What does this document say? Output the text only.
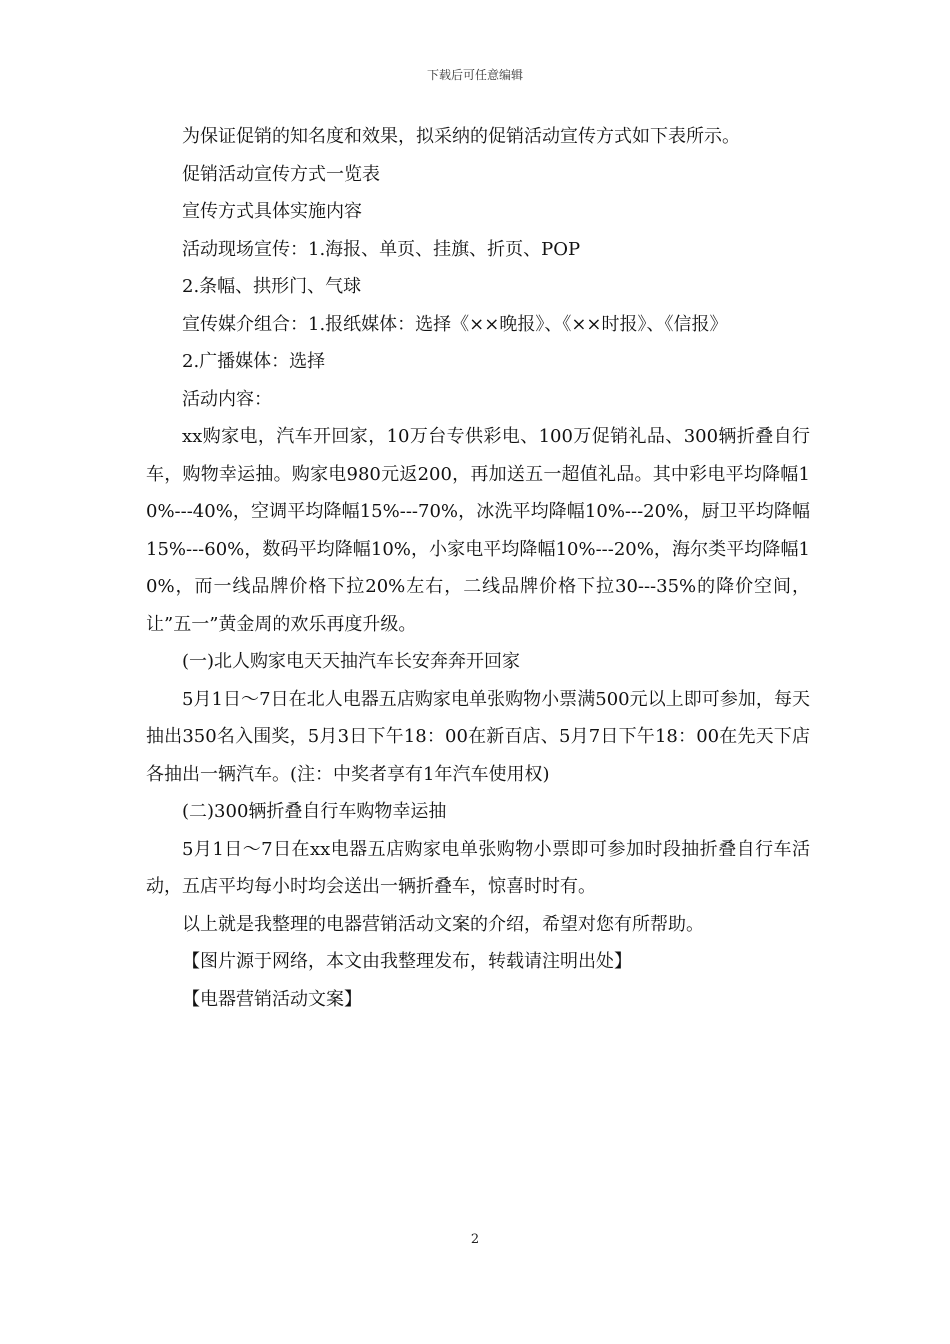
下载后可任意编辑

为保证促销的知名度和效果，拟采纳的促销活动宣传方式如下表所示。

促销活动宣传方式一览表

宣传方式具体实施内容

活动现场宣传：1.海报、单页、挂旗、折页、POP

2.条幅、拱形门、气球

宣传媒介组合：1.报纸媒体：选择《××晚报》、《××时报》、《信报》

2.广播媒体：选择

活动内容：

xx购家电，汽车开回家，10万台专供彩电、100万促销礼品、300辆折叠自行车，购物幸运抽。购家电980元返200，再加送五一超值礼品。其中彩电平均降幅10%---40%，空调平均降幅15%---70%，冰洗平均降幅10%---20%，厨卫平均降幅15%---60%，数码平均降幅10%，小家电平均降幅10%---20%，海尔类平均降幅10%，而一线品牌价格下拉20%左右，二线品牌价格下拉30---35%的降价空间，让”五一”黄金周的欢乐再度升级。

(一)北人购家电天天抽汽车长安奔奔开回家

5月1日～7日在北人电器五店购家电单张购物小票满500元以上即可参加，每天抽出350名入围奖，5月3日下午18：00在新百店、5月7日下午18：00在先天下店各抽出一辆汽车。(注：中奖者享有1年汽车使用权)

(二)300辆折叠自行车购物幸运抽

5月1日～7日在xx电器五店购家电单张购物小票即可参加时段抽折叠自行车活动，五店平均每小时均会送出一辆折叠车，惊喜时时有。

以上就是我整理的电器营销活动文案的介绍，希望对您有所帮助。

【图片源于网络，本文由我整理发布，转载请注明出处】

【电器营销活动文案】

2
